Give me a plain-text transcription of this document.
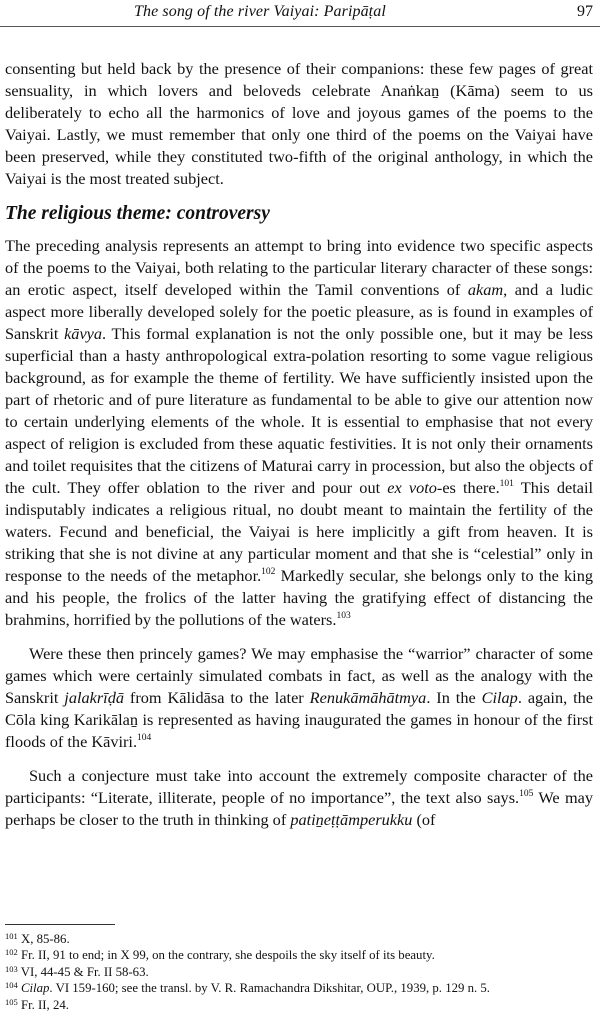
The song of the river Vaiyai: Paripāṭal	97

consenting but held back by the presence of their companions: these few pages of great sensuality, in which lovers and beloveds celebrate Anaṅkaṉ (Kāma) seem to us deliberately to echo all the harmonics of love and joyous games of the poems to the Vaiyai. Lastly, we must remember that only one third of the poems on the Vaiyai have been preserved, while they constituted two-fifth of the original anthology, in which the Vaiyai is the most treated subject.

The religious theme: controversy

The preceding analysis represents an attempt to bring into evidence two specific aspects of the poems to the Vaiyai, both relating to the particular literary character of these songs: an erotic aspect, itself developed within the Tamil conventions of akam, and a ludic aspect more liberally developed solely for the poetic pleasure, as is found in examples of Sanskrit kāvya. This formal explanation is not the only possible one, but it may be less superficial than a hasty anthropological extra-polation resorting to some vague religious background, as for example the theme of fertility. We have sufficiently insisted upon the part of rhetoric and of pure literature as fundamental to be able to give our attention now to certain underlying elements of the whole. It is essential to emphasise that not every aspect of religion is excluded from these aquatic festivities. It is not only their ornaments and toilet requisites that the citizens of Maturai carry in procession, but also the objects of the cult. They offer oblation to the river and pour out ex voto-es there.$^{101}$ This detail indisputably indicates a religious ritual, no doubt meant to maintain the fertility of the waters. Fecund and beneficial, the Vaiyai is here implicitly a gift from heaven. It is striking that she is not divine at any particular moment and that she is “celestial” only in response to the needs of the metaphor.$^{102}$ Markedly secular, she belongs only to the king and his people, the frolics of the latter having the gratifying effect of distancing the brahmins, horrified by the pollutions of the waters.$^{103}$

Were these then princely games? We may emphasise the “warrior” character of some games which were certainly simulated combats in fact, as well as the analogy with the Sanskrit jalakrīḍā from Kālidāsa to the later Renukāmāhātmya. In the Cilap. again, the Cōla king Karikālaṉ is represented as having inaugurated the games in honour of the first floods of the Kāviri.$^{104}$

Such a conjecture must take into account the extremely composite character of the participants: “Literate, illiterate, people of no importance”, the text also says.$^{105}$ We may perhaps be closer to the truth in thinking of patiṉeṭṭāmperukku (of

$^{101}$ X, 85-86.
$^{102}$ Fr. II, 91 to end; in X 99, on the contrary, she despoils the sky itself of its beauty.
$^{103}$ VI, 44-45 & Fr. II 58-63.
$^{104}$ Cilap. VI 159-160; see the transl. by V. R. Ramachandra Dikshitar, OUP., 1939, p. 129 n. 5.
$^{105}$ Fr. II, 24.
